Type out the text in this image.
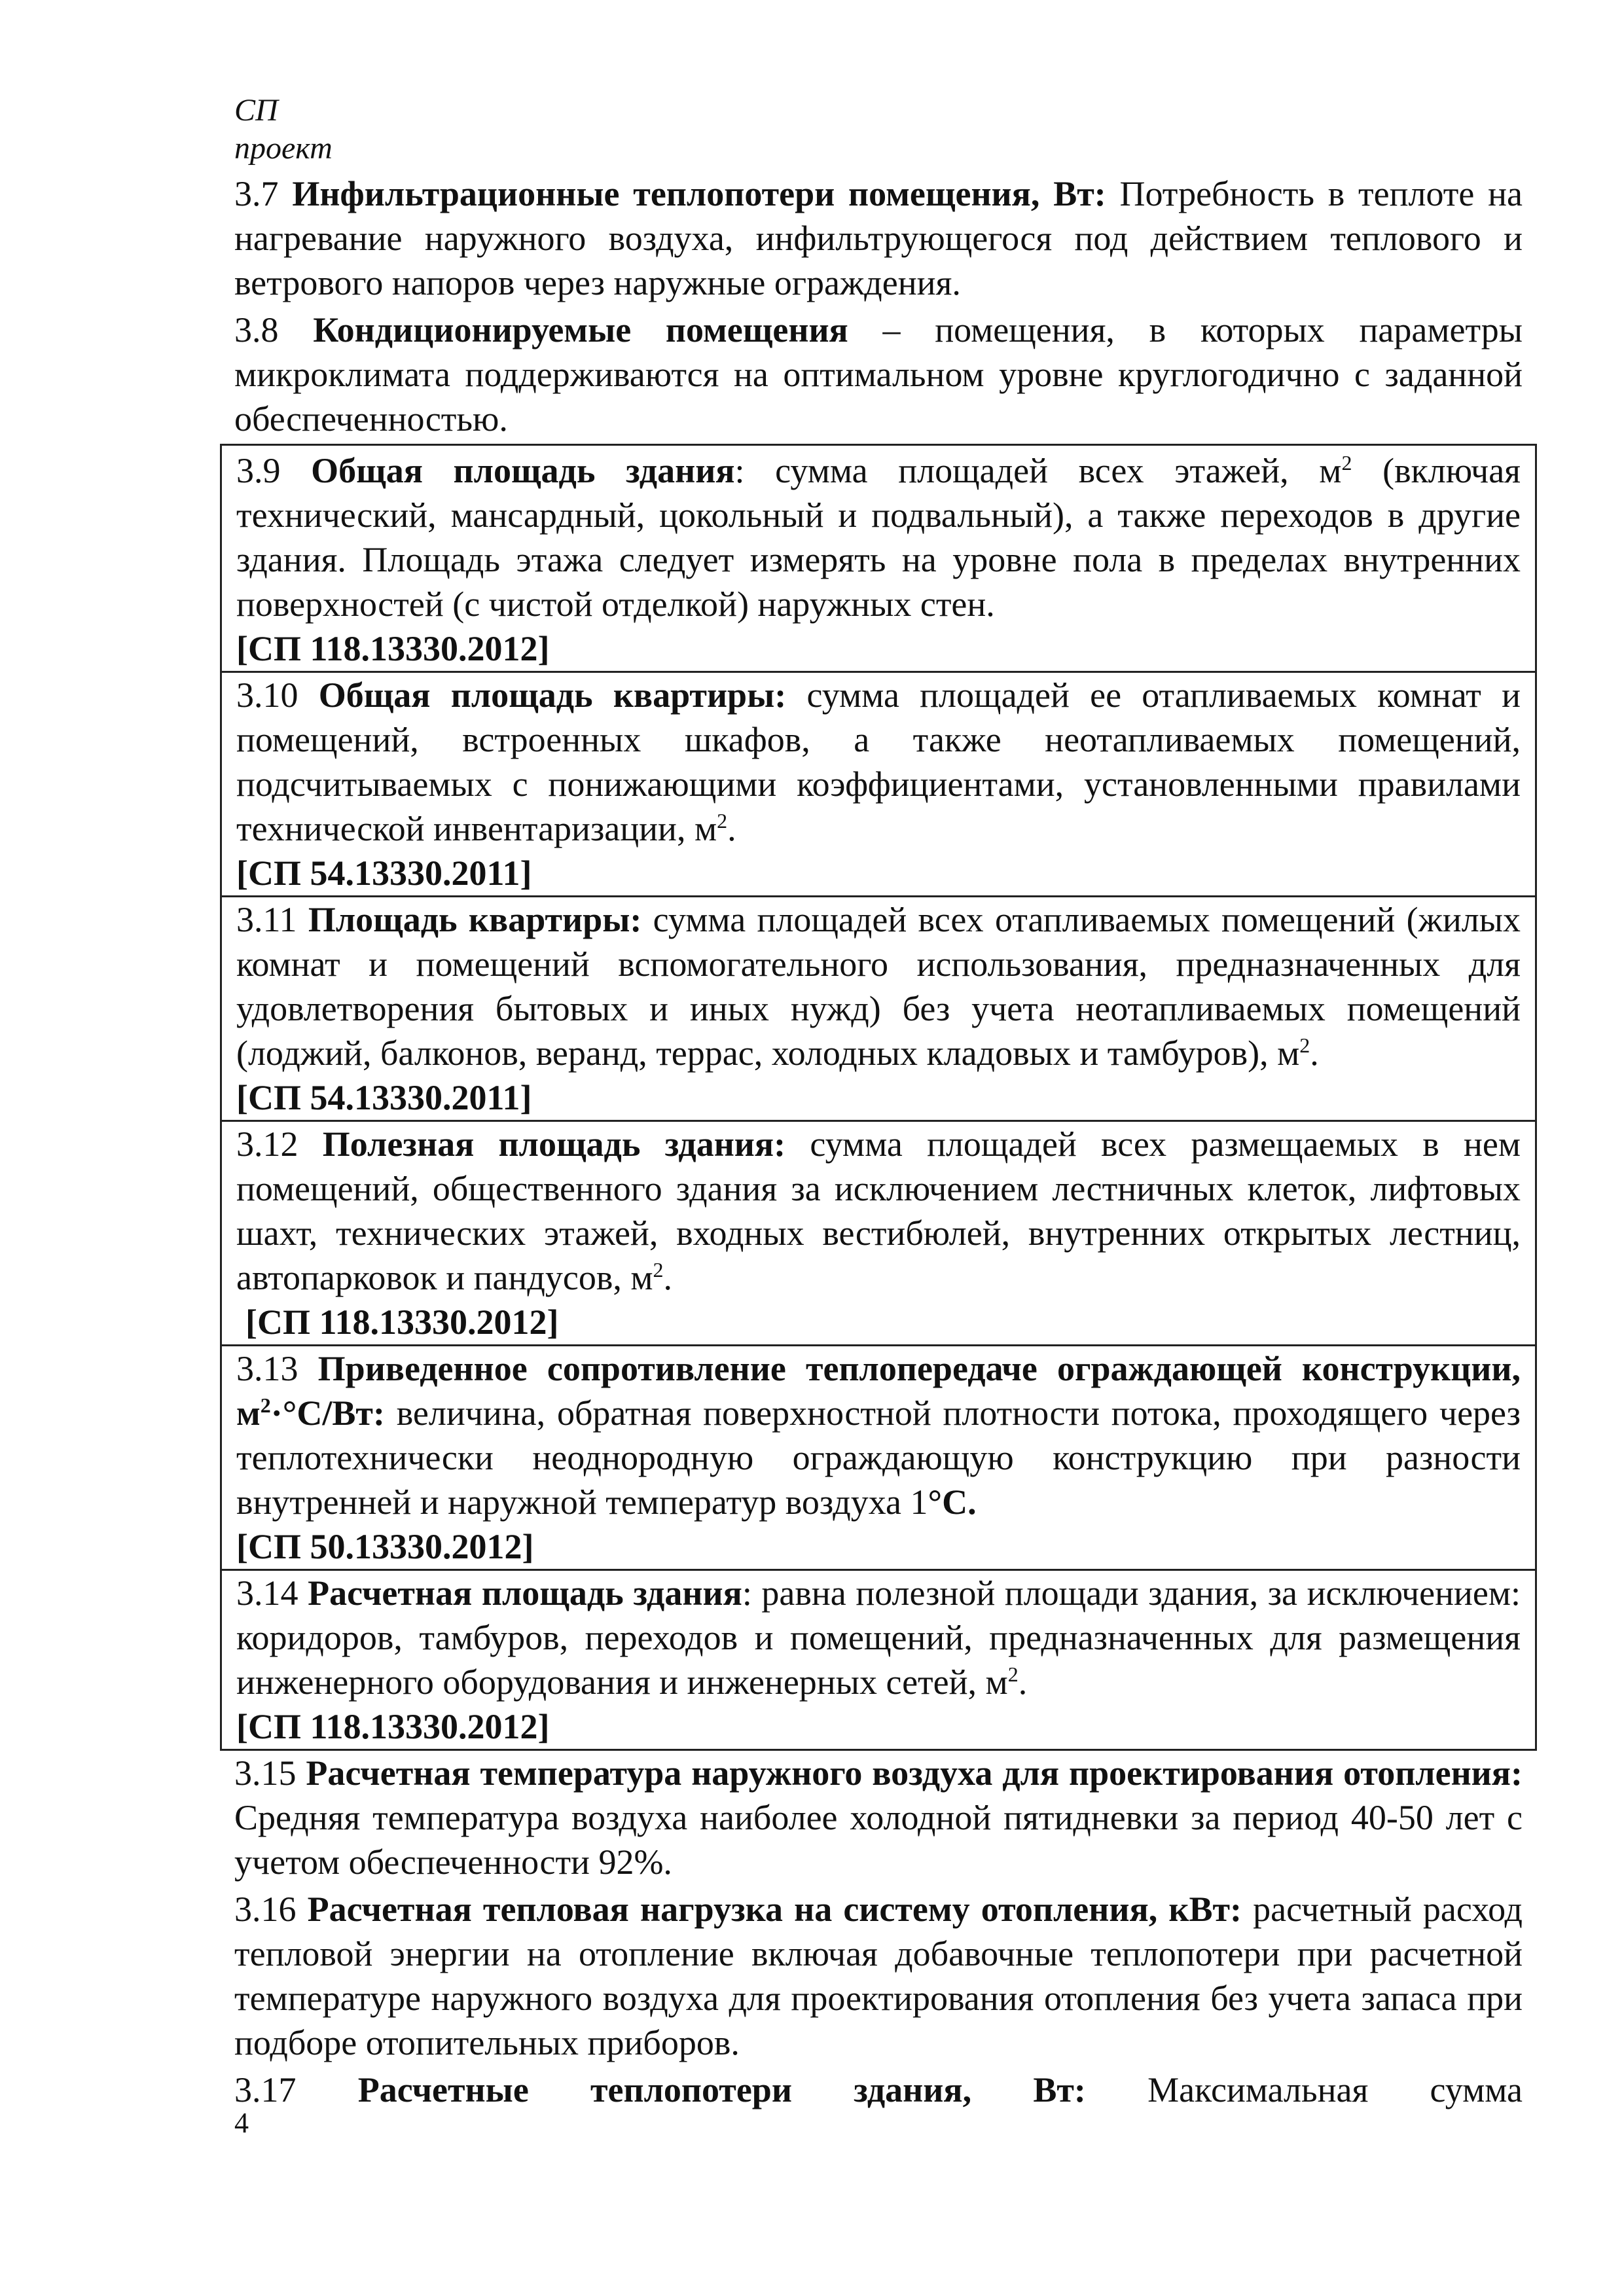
СП
проект

3.7 Инфильтрационные теплопотери помещения, Вт: Потребность в теплоте на нагревание наружного воздуха, инфильтрующегося под действием теплового и ветрового напоров через наружные ограждения.

3.8 Кондиционируемые помещения – помещения, в которых параметры микроклимата поддерживаются на оптимальном уровне круглогодично с заданной обеспеченностью.

3.9 Общая площадь здания: сумма площадей всех этажей, $м^2$ (включая технический, мансардный, цокольный и подвальный), а также переходов в другие здания. Площадь этажа следует измерять на уровне пола в пределах внутренних поверхностей (с чистой отделкой) наружных стен.

[СП 118.13330.2012]

3.10 Общая площадь квартиры: сумма площадей ее отапливаемых комнат и помещений, встроенных шкафов, а также неотапливаемых помещений, подсчитываемых с понижающими коэффициентами, установленными правилами технической инвентаризации, $м^2$.

[СП 54.13330.2011]

3.11 Площадь квартиры: сумма площадей всех отапливаемых помещений (жилых комнат и помещений вспомогательного использования, предназначенных для удовлетворения бытовых и иных нужд) без учета неотапливаемых помещений (лоджий, балконов, веранд, террас, холодных кладовых и тамбуров), $м^2$.

[СП 54.13330.2011]

3.12 Полезная площадь здания: сумма площадей всех размещаемых в нем помещений, общественного здания за исключением лестничных клеток, лифтовых шахт, технических этажей, входных вестибюлей, внутренних открытых лестниц, автопарковок и пандусов, $м^2$.

[СП 118.13330.2012]

3.13 Приведенное сопротивление теплопередаче ограждающей конструкции, $м^2\cdot^\circ С/Вт$: величина, обратная поверхностной плотности потока, проходящего через теплотехнически неоднородную ограждающую конструкцию при разности внутренней и наружной температур воздуха 1°С.

[СП 50.13330.2012]

3.14 Расчетная площадь здания: равна полезной площади здания, за исключением: коридоров, тамбуров, переходов и помещений, предназначенных для размещения инженерного оборудования и инженерных сетей, $м^2$.

[СП 118.13330.2012]

3.15 Расчетная температура наружного воздуха для проектирования отопления: Средняя температура воздуха наиболее холодной пятидневки за период 40-50 лет с учетом обеспеченности 92%.

3.16 Расчетная тепловая нагрузка на систему отопления, кВт: расчетный расход тепловой энергии на отопление включая добавочные теплопотери при расчетной температуре наружного воздуха для проектирования отопления без учета запаса при подборе отопительных приборов.

3.17 Расчетные теплопотери здания, Вт: Максимальная сумма

4
